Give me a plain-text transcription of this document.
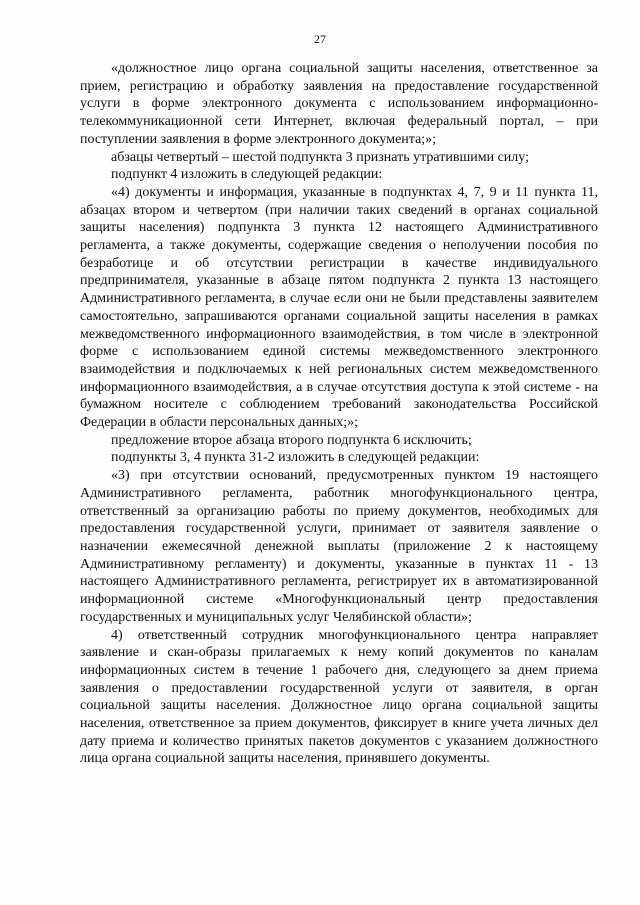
27

«должностное лицо органа социальной защиты населения, ответственное за прием, регистрацию и обработку заявления на предоставление государственной услуги в форме электронного документа с использованием информационно-телекоммуникационной сети Интернет, включая федеральный портал, – при поступлении заявления в форме электронного документа;»;

абзацы четвертый – шестой подпункта 3 признать утратившими силу;

подпункт 4 изложить в следующей редакции:

«4) документы и информация, указанные в подпунктах 4, 7, 9 и 11 пункта 11, абзацах втором и четвертом (при наличии таких сведений в органах социальной защиты населения) подпункта 3 пункта 12 настоящего Административного регламента, а также документы, содержащие сведения о неполучении пособия по безработице и об отсутствии регистрации в качестве индивидуального предпринимателя, указанные в абзаце пятом подпункта 2 пункта 13 настоящего Административного регламента, в случае если они не были представлены заявителем самостоятельно, запрашиваются органами социальной защиты населения в рамках межведомственного информационного взаимодействия, в том числе в электронной форме с использованием единой системы межведомственного электронного взаимодействия и подключаемых к ней региональных систем межведомственного информационного взаимодействия, а в случае отсутствия доступа к этой системе - на бумажном носителе с соблюдением требований законодательства Российской Федерации в области персональных данных;»;

предложение второе абзаца второго подпункта 6 исключить;

подпункты 3, 4 пункта 31-2 изложить в следующей редакции:

«3) при отсутствии оснований, предусмотренных пунктом 19 настоящего Административного регламента, работник многофункционального центра, ответственный за организацию работы по приему документов, необходимых для предоставления государственной услуги, принимает от заявителя заявление о назначении ежемесячной денежной выплаты (приложение 2 к настоящему Административному регламенту) и документы, указанные в пунктах 11 - 13 настоящего Административного регламента, регистрирует их в автоматизированной информационной системе «Многофункциональный центр предоставления государственных и муниципальных услуг Челябинской области»;

4) ответственный сотрудник многофункционального центра направляет заявление и скан-образы прилагаемых к нему копий документов по каналам информационных систем в течение 1 рабочего дня, следующего за днем приема заявления о предоставлении государственной услуги от заявителя, в орган социальной защиты населения. Должностное лицо органа социальной защиты населения, ответственное за прием документов, фиксирует в книге учета личных дел дату приема и количество принятых пакетов документов с указанием должностного лица органа социальной защиты населения, принявшего документы.
